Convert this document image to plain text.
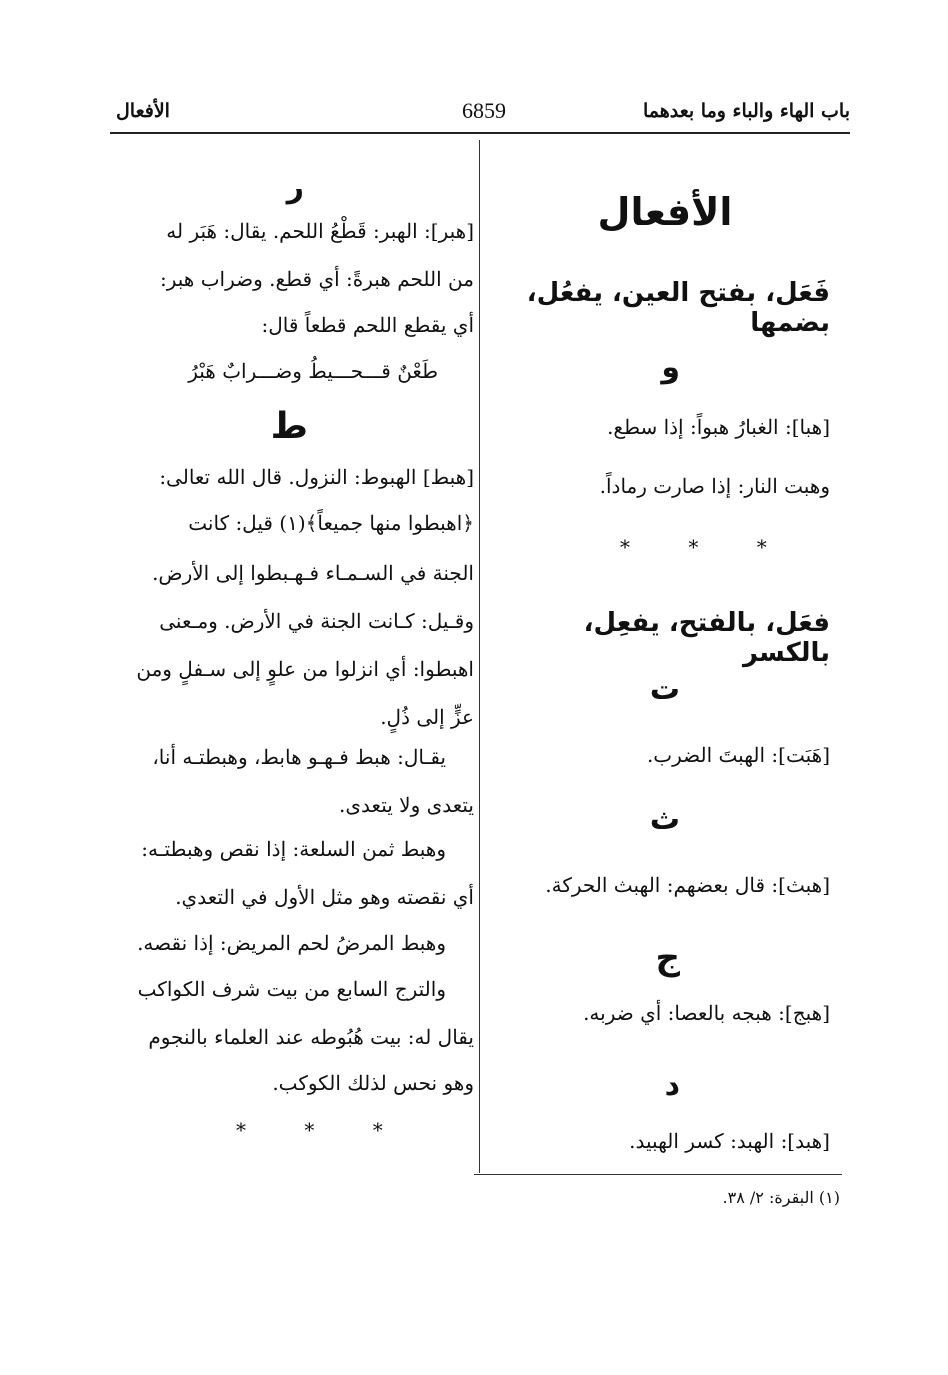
باب الهاء والباء وما بعدهما
6859
الأفعال
الأفعال
فَعَل، بفتح العين، يفعُل، بضمها
و
[هبا]: الغبارُ هبواً: إذا سطع.
وهبت النار: إذا صارت رماداً.
* * *
فعَل، بالفتح، يفعِل، بالكسر
ت
[هَبَت]: الهبتَ الضرب.
ث
[هبث]: قال بعضهم: الهبث الحركة.
ج
[هبج]: هبجه بالعصا: أي ضربه.
د
[هبد]: الهبد: كسر الهبيد.
ر
[هبر]: الهبر: قَطْعُ اللحم. يقال: هَبَر له
من اللحم هبرةً: أي قطع. وضراب هبر:
أي يقطع اللحم قطعاً قال:
طَعْنٌ قـــحـــيطُ وضـــرابٌ هَبْرُ
ط
[هبط] الهبوط: النزول. قال الله تعالى:
﴿اهبطوا منها جميعاً﴾(١) قيل: كانت
الجنة في السـمـاء فـهـبطوا إلى الأرض.
وقـيل: كـانت الجنة في الأرض. ومـعنى
اهبطوا: أي انزلوا من علوٍ إلى سـفلٍ ومن
عزٍّ إلى ذُلٍ.
يقـال: هبط فـهـو هابط، وهبطتـه أنا،
يتعدى ولا يتعدى.
وهبط ثمن السلعة: إذا نقص وهبطتـه:
أي نقصته وهو مثل الأول في التعدي.
وهبط المرضُ لحم المريض: إذا نقصه.
والترج السابع من بيت شرف الكواكب
يقال له: بيت هُبُوطه عند العلماء بالنجوم
وهو نحس لذلك الكوكب.
* * *
(١) البقرة: ٢/ ٣٨.
